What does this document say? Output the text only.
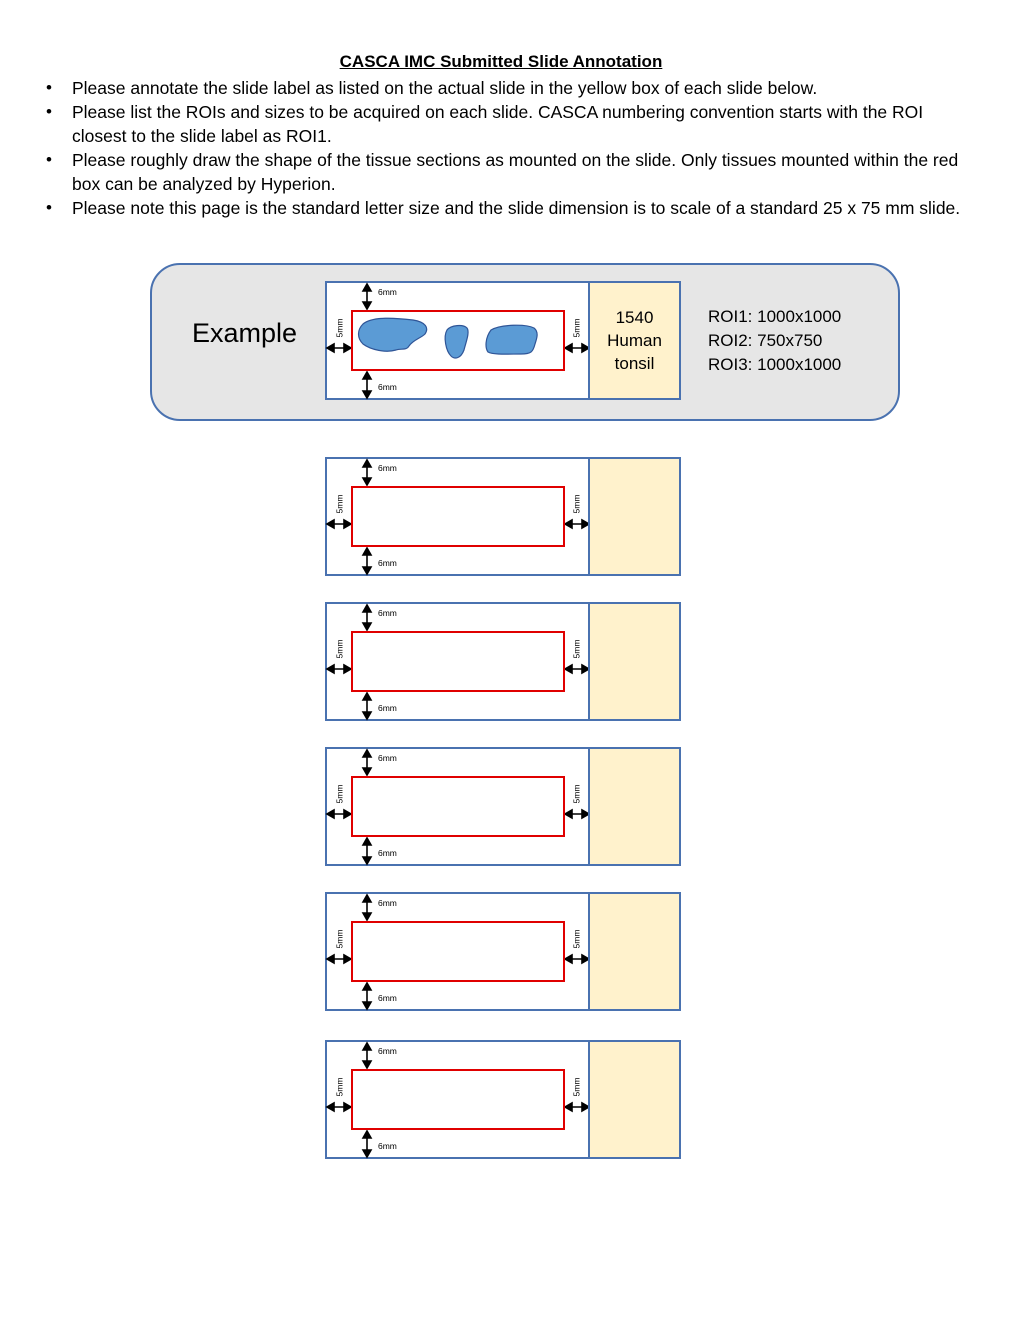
CASCA IMC Submitted Slide Annotation
• Please annotate the slide label as listed on the actual slide in the yellow box of each slide below.
• Please list the ROIs and sizes to be acquired on each slide. CASCA numbering convention starts with the ROI closest to the slide label as ROI1.
• Please roughly draw the shape of the tissue sections as mounted on the slide. Only tissues mounted within the red box can be analyzed by Hyperion.
• Please note this page is the standard letter size and the slide dimension is to scale of a standard 25 x 75 mm slide.
Example
6mm
6mm
5mm	5mm
1540
Human
tonsil
ROI1: 1000x1000
ROI2: 750x750
ROI3: 1000x1000
6mm
6mm
5mm	5mm
6mm
6mm
5mm	5mm
6mm
6mm
5mm	5mm
6mm
6mm
5mm	5mm
6mm
6mm
5mm	5mm
